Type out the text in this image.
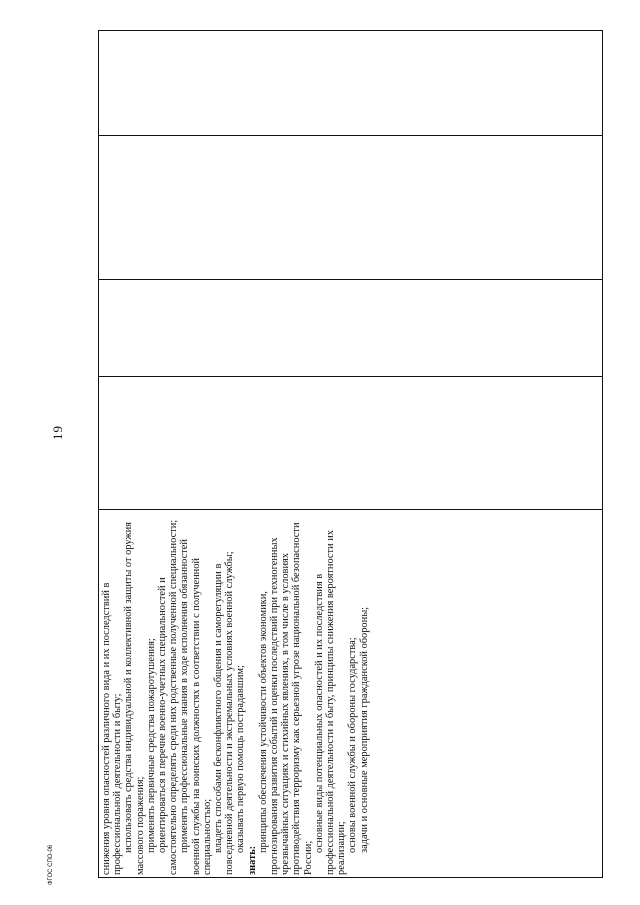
19

снижения уровня опасностей различного вида и их последствий в профессиональной деятельности и быту; использовать средства индивидуальной и коллективной защиты от оружия массового поражения; применять первичные средства пожаротушения; ориентироваться в перечне военно-учетных специальностей и самостоятельно определять среди них родственные полученной специальности; применять профессиональные знания в ходе исполнения обязанностей военной службы на воинских должностях в соответствии с полученной специальностью; владеть способами бесконфликтного общения и саморегуляции в повседневной деятельности и экстремальных условиях военной службы; оказывать первую помощь пострадавшим;

знать:

принципы обеспечения устойчивости объектов экономики, прогнозирования развития событий и оценки последствий при техногенных чрезвычайных ситуациях и стихийных явлениях, в том числе в условиях противодействия терроризму как серьезной угрозе национальной безопасности России;

основные виды потенциальных опасностей и их последствия в профессиональной деятельности и быту, принципы снижения вероятности их реализации; основы военной службы и обороны государства; задачи и основные мероприятия гражданской обороны;

ФГОС СПО-06
